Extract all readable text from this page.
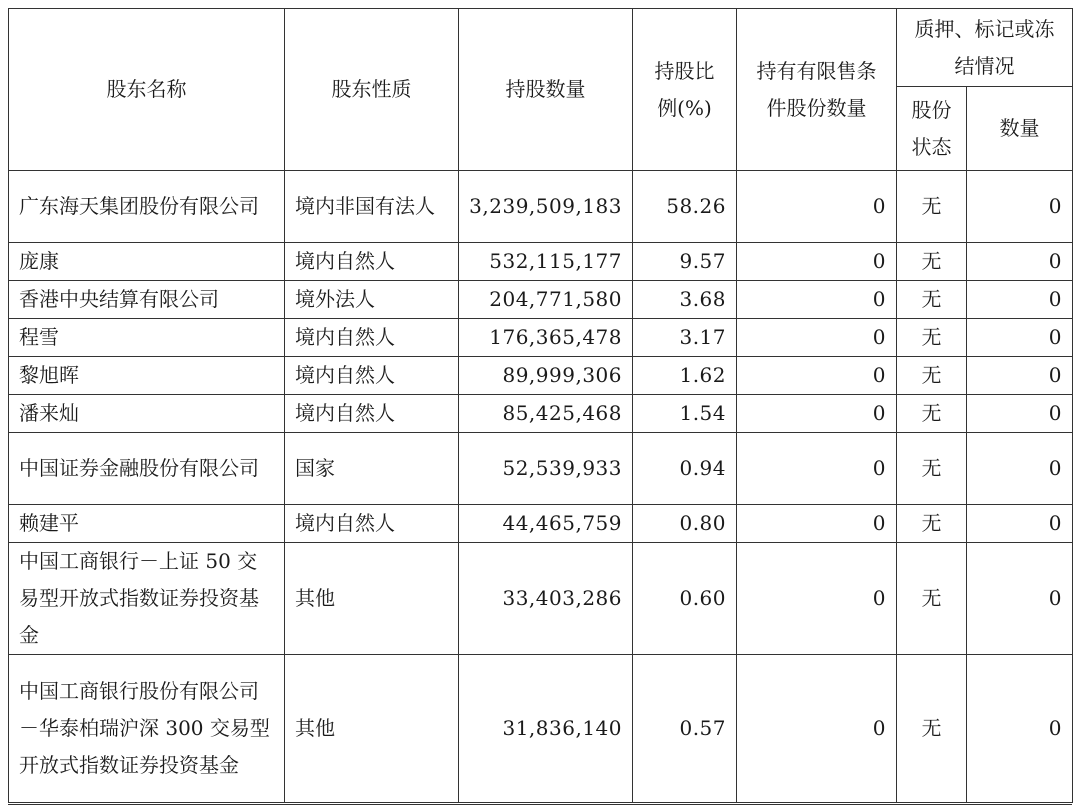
股东名称	股东性质	持股数量	持股比例(%)	持有有限售条件股份数量	质押、标记或冻结情况	
					股份状态	数量
广东海天集团股份有限公司	境内非国有法人	3,239,509,183	58.26	0	无	0
庞康	境内自然人	532,115,177	9.57	0	无	0
香港中央结算有限公司	境外法人	204,771,580	3.68	0	无	0
程雪	境内自然人	176,365,478	3.17	0	无	0
黎旭晖	境内自然人	89,999,306	1.62	0	无	0
潘来灿	境内自然人	85,425,468	1.54	0	无	0
中国证券金融股份有限公司	国家	52,539,933	0.94	0	无	0
赖建平	境内自然人	44,465,759	0.80	0	无	0
中国工商银行－上证 50 交易型开放式指数证券投资基金	其他	33,403,286	0.60	0	无	0
中国工商银行股份有限公司－华泰柏瑞沪深 300 交易型开放式指数证券投资基金	其他	31,836,140	0.57	0	无	0
